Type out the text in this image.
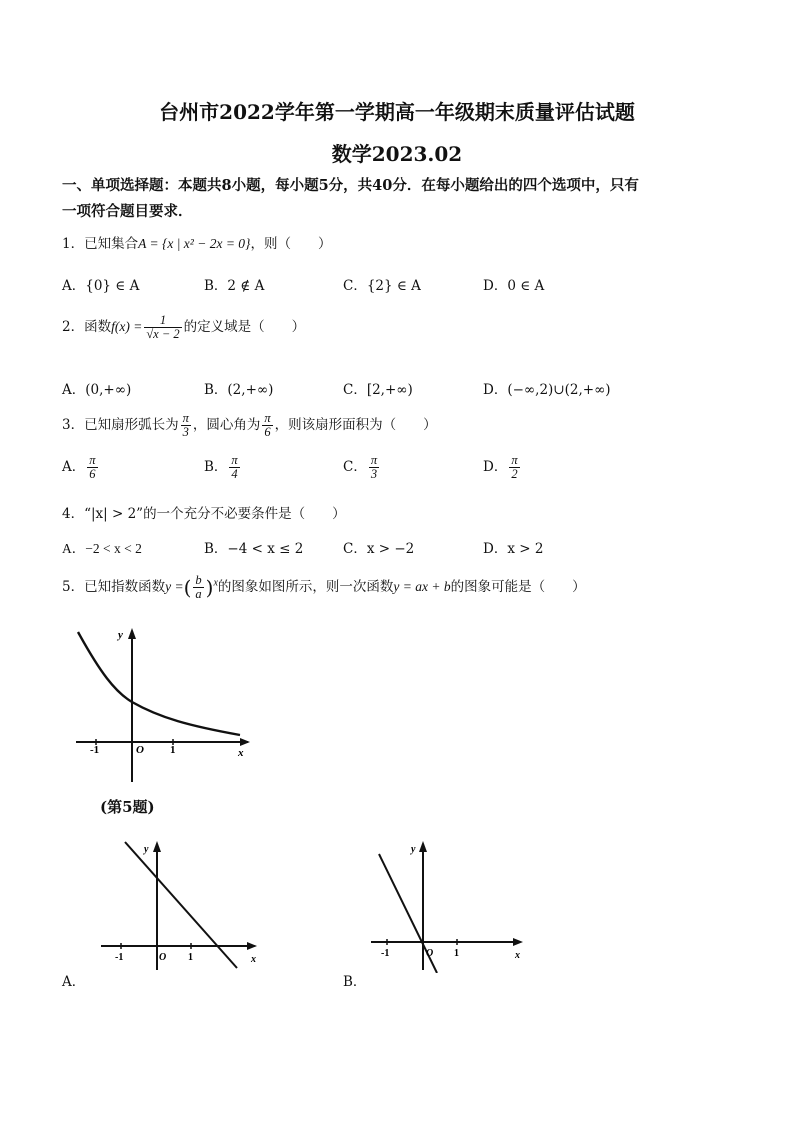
台州市2022学年第一学期高一年级期末质量评估试题
数学2023.02
一、单项选择题：本题共8小题，每小题5分，共40分．在每小题给出的四个选项中，只有
一项符合题目要求．
1．已知集合A = {x | x² − 2x = 0}，则（　　）
A．{0} ∈ A	B．2 ∉ A	C．{2} ∈ A	D．0 ∈ A
2．函数$f(x) = \frac{1}{√x - 2}$ 的定义域是（　　）
A．(0,+∞)	B．(2,+∞)	C．[2,+∞)	D．(−∞,2)∪(2,+∞)
3．已知扇形弧长为 $\frac{\pi}{3}$ ，圆心角为 $\frac{\pi}{6}$ ，则该扇形面积为（　　）
A． $\frac{\pi}{6}$	B． $\frac{\pi}{4}$	C． $\frac{\pi}{3}$	D． $\frac{\pi}{2}$
4．“|x| > 2”的一个充分不必要条件是（　　）
A．−2 < x < 2	B．−4 < x ≤ 2	C．x > −2	D．x > 2
5．已知指数函数y =( $\frac{b}{a} )^x$的图象如图所示，则一次函数y = ax + b的图象可能是（　　）
y
x
O
-1	1
(第5题)
y
x
O
-1	1
A．
y
x
O
-1	1
B．
